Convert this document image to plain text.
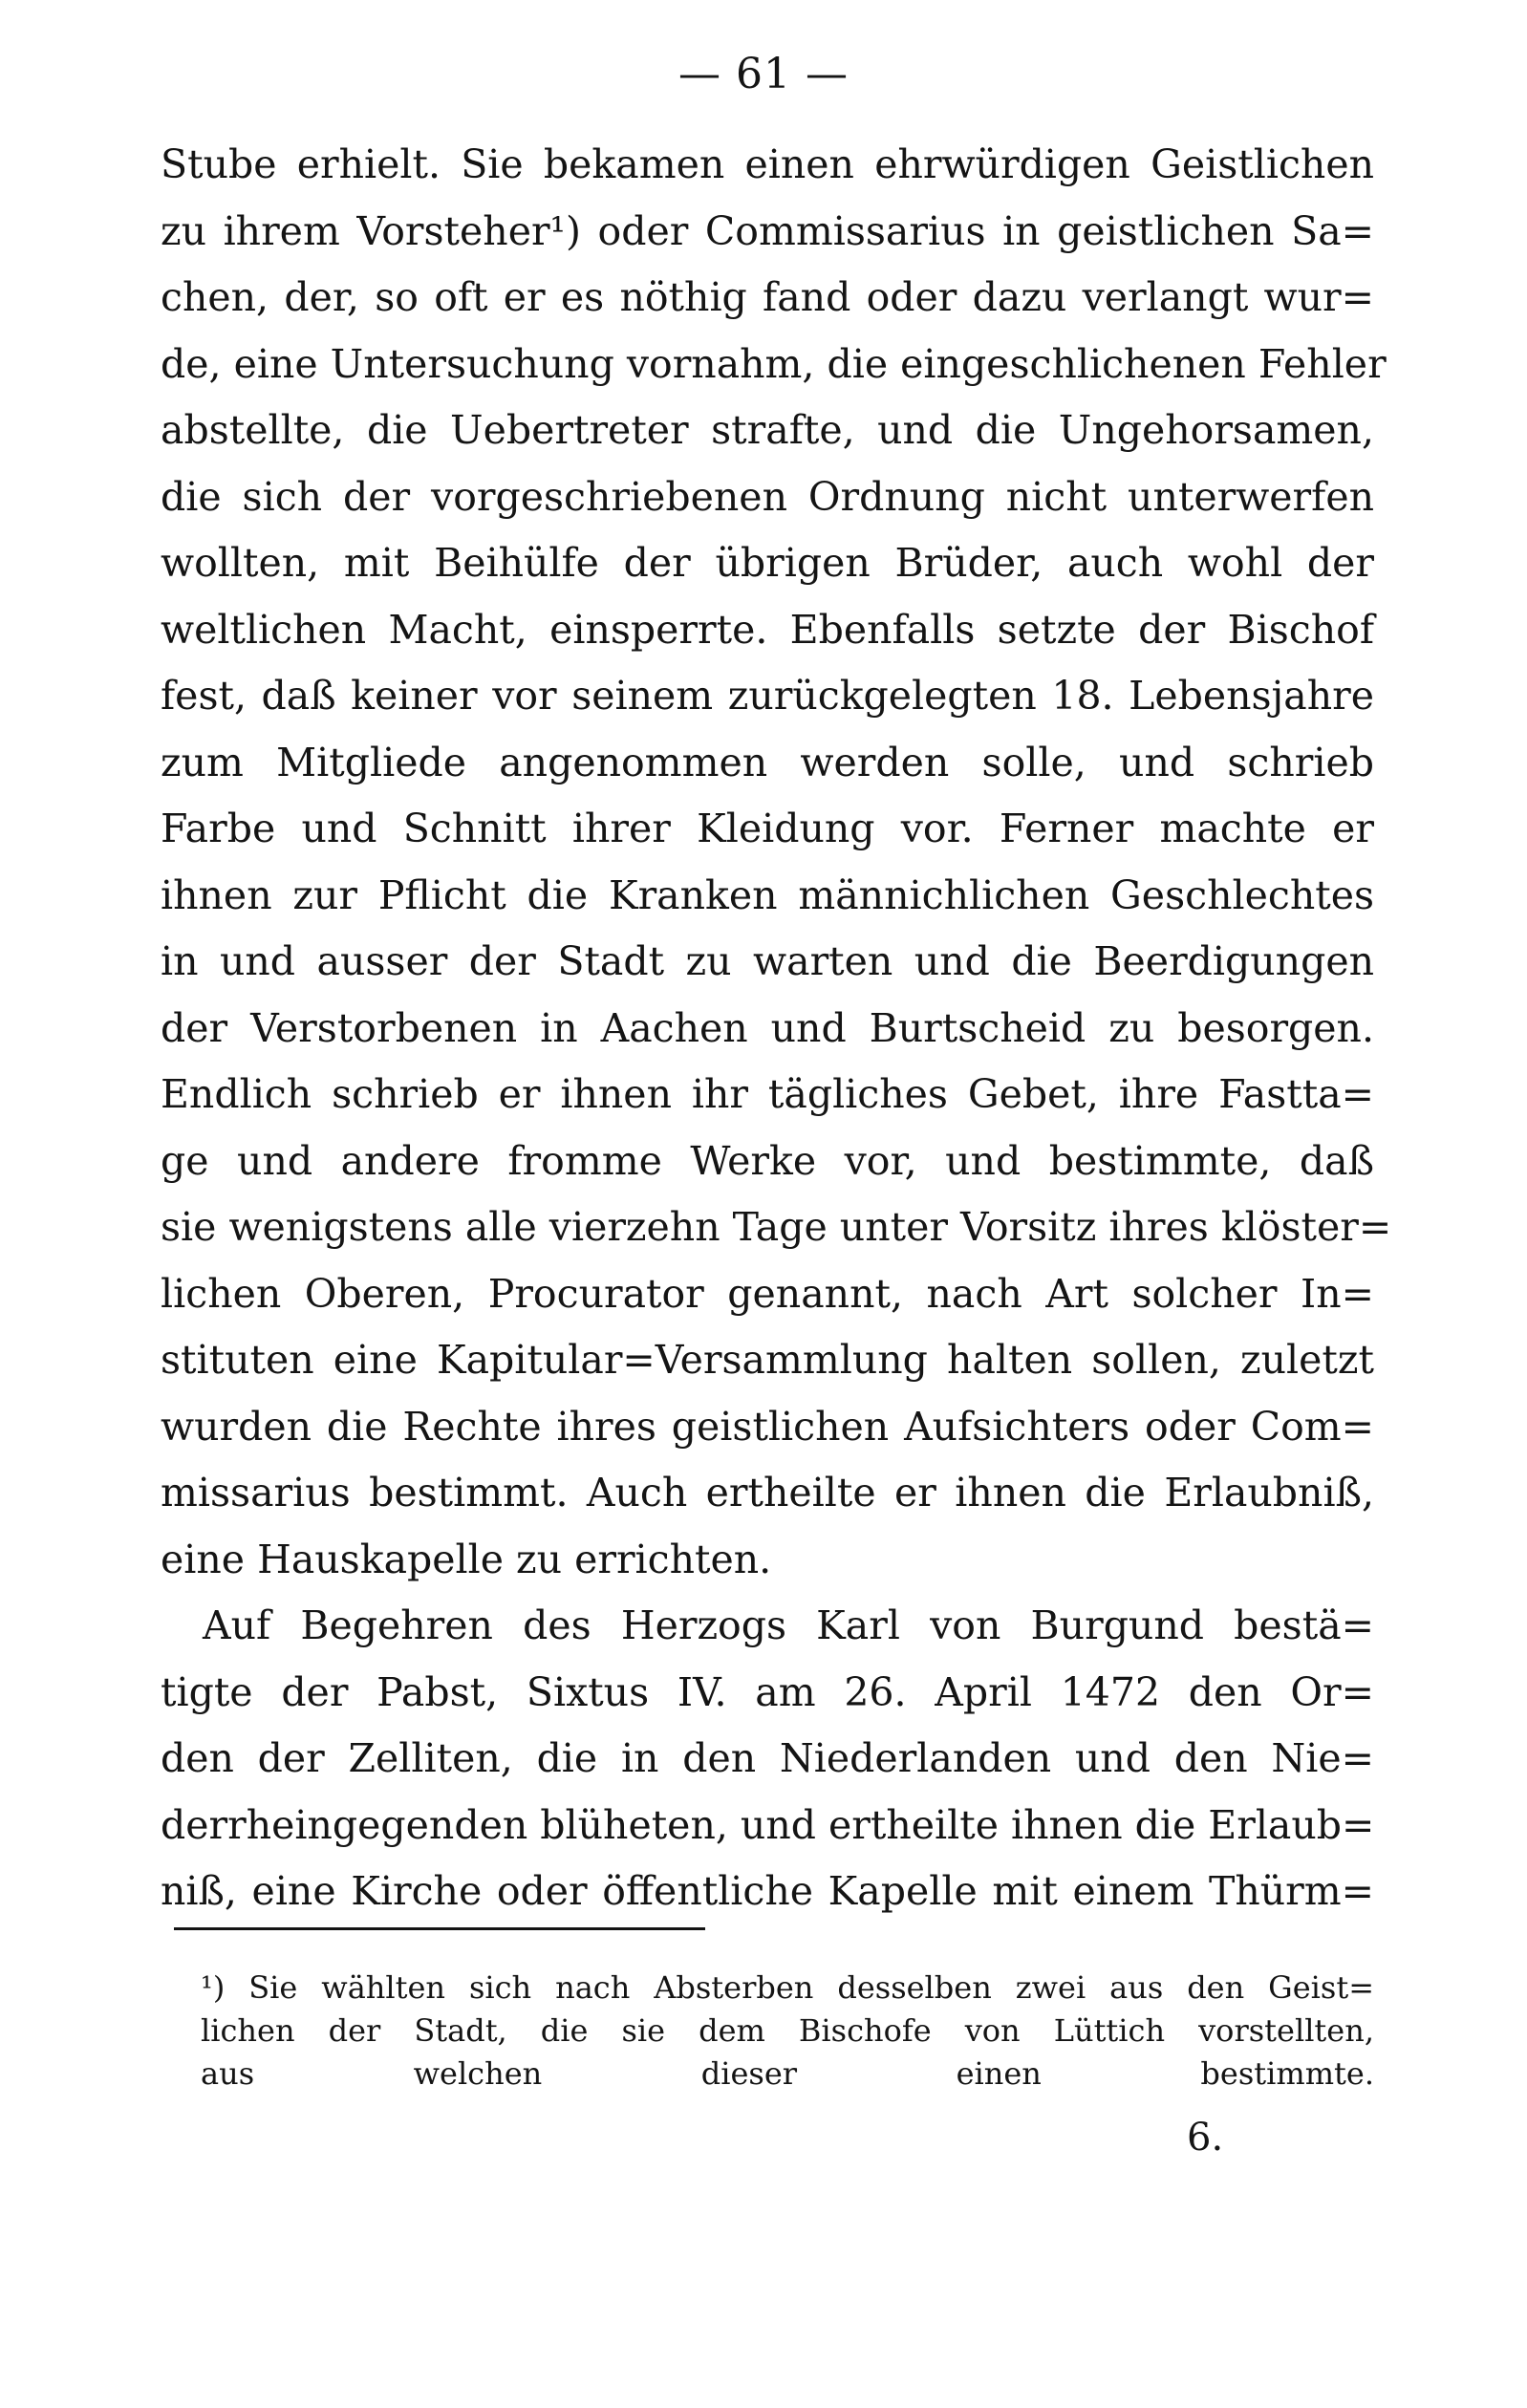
— 61 —
Stube erhielt. Sie bekamen einen ehrwürdigen Geistlichen
zu ihrem Vorsteher¹) oder Commissarius in geistlichen Sa=
chen, der, so oft er es nöthig fand oder dazu verlangt wur=
de, eine Untersuchung vornahm, die eingeschlichenen Fehler
abstellte, die Uebertreter strafte, und die Ungehorsamen,
die sich der vorgeschriebenen Ordnung nicht unterwerfen
wollten, mit Beihülfe der übrigen Brüder, auch wohl der
weltlichen Macht, einsperrte. Ebenfalls setzte der Bischof
fest, daß keiner vor seinem zurückgelegten 18. Lebensjahre
zum Mitgliede angenommen werden solle, und schrieb
Farbe und Schnitt ihrer Kleidung vor. Ferner machte er
ihnen zur Pflicht die Kranken männichlichen Geschlechtes
in und ausser der Stadt zu warten und die Beerdigungen
der Verstorbenen in Aachen und Burtscheid zu besorgen.
Endlich schrieb er ihnen ihr tägliches Gebet, ihre Fastta=
ge und andere fromme Werke vor, und bestimmte, daß
sie wenigstens alle vierzehn Tage unter Vorsitz ihres klöster=
lichen Oberen, Procurator genannt, nach Art solcher In=
stituten eine Kapitular=Versammlung halten sollen, zuletzt
wurden die Rechte ihres geistlichen Aufsichters oder Com=
missarius bestimmt. Auch ertheilte er ihnen die Erlaubniß,
eine Hauskapelle zu errichten.
Auf Begehren des Herzogs Karl von Burgund bestä=
tigte der Pabst, Sixtus IV. am 26. April 1472 den Or=
den der Zelliten, die in den Niederlanden und den Nie=
derrheingegenden blüheten, und ertheilte ihnen die Erlaub=
niß, eine Kirche oder öffentliche Kapelle mit einem Thürm=
¹) Sie wählten sich nach Absterben desselben zwei aus den Geist=
lichen der Stadt, die sie dem Bischofe von Lüttich vorstellten,
aus welchen dieser einen bestimmte.
6.
